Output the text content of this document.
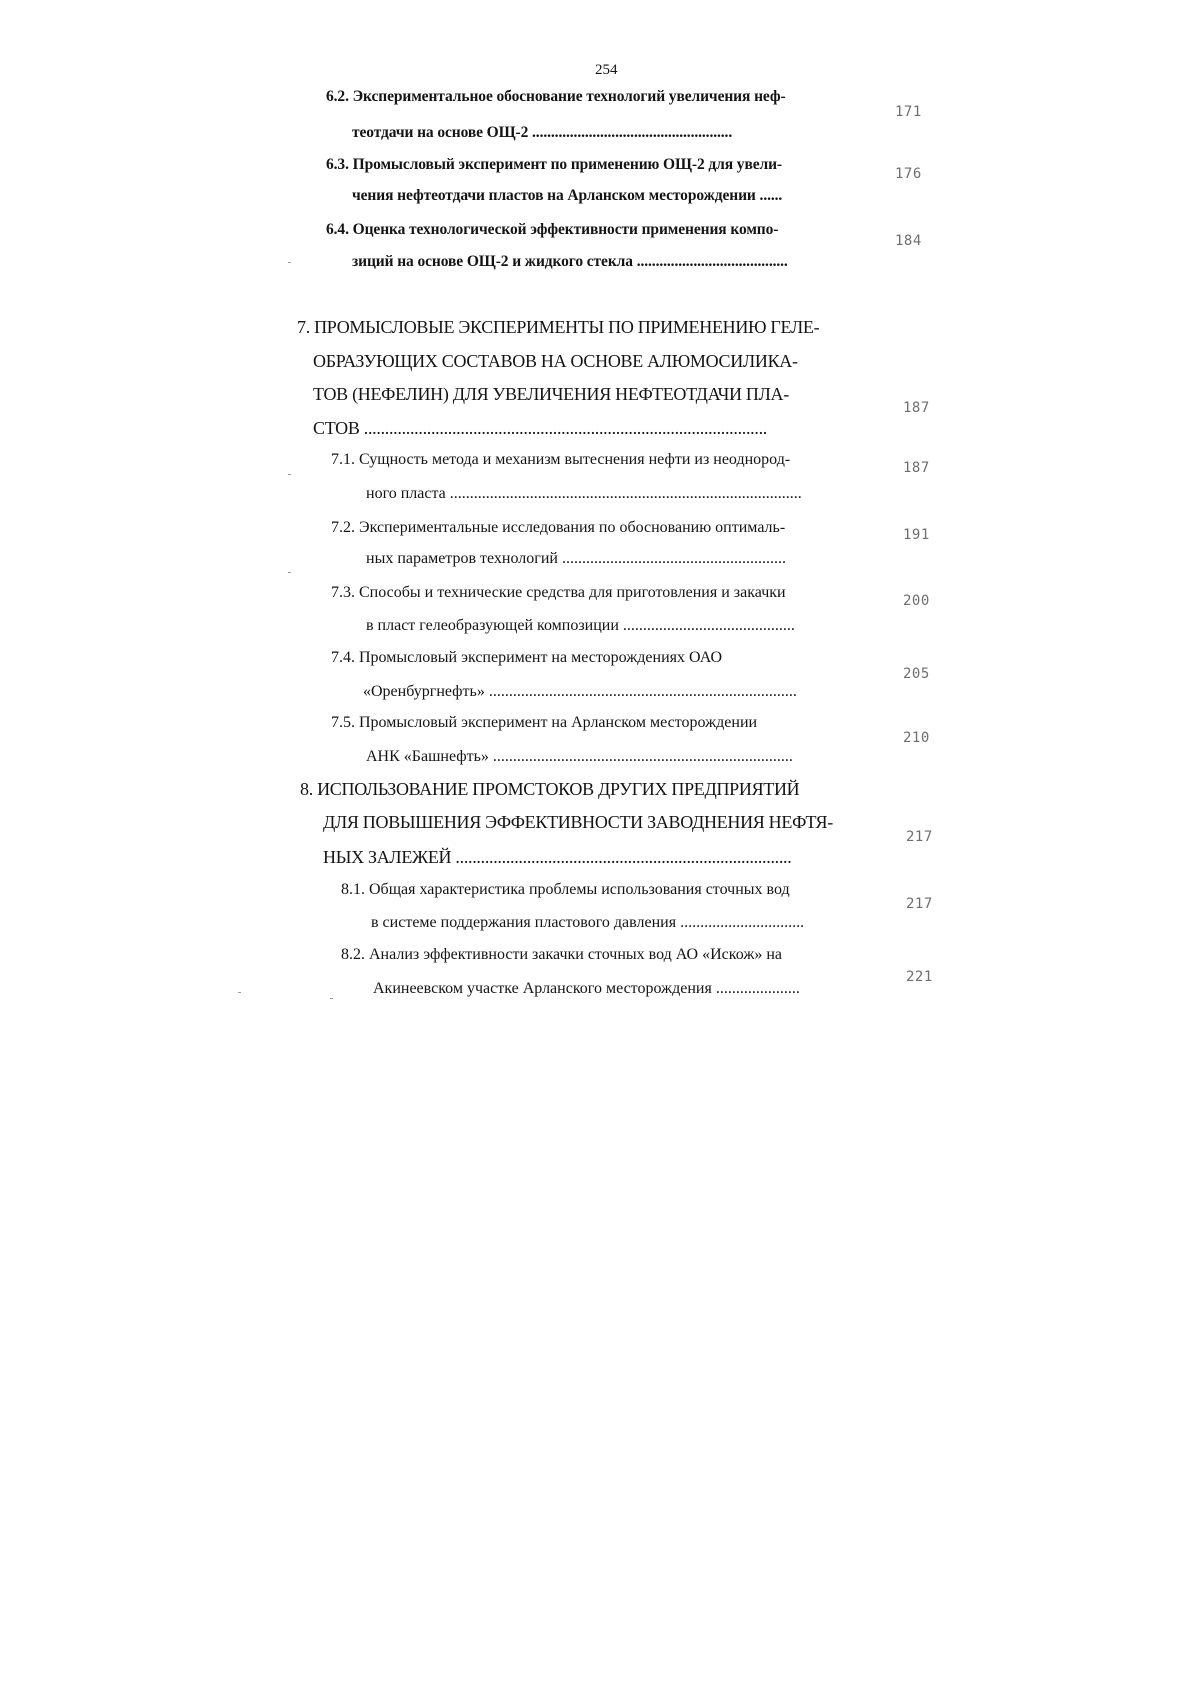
254

6.2. Экспериментальное обоснование технологий увеличения неф-
теотдачи на основе ОЩ-2 .....................................................
171
6.3. Промысловый эксперимент по применению ОЩ-2 для увели-
чения нефтеотдачи пластов на Арланском месторождении ......
176
6.4. Оценка технологической эффективности применения компо-
зиций на основе ОЩ-2 и жидкого стекла ........................................
184
7. ПРОМЫСЛОВЫЕ ЭКСПЕРИМЕНТЫ ПО ПРИМЕНЕНИЮ ГЕЛЕ-
ОБРАЗУЮЩИХ СОСТАВОВ НА ОСНОВЕ АЛЮМОСИЛИКА-
ТОВ (НЕФЕЛИН) ДЛЯ УВЕЛИЧЕНИЯ НЕФТЕОТДАЧИ ПЛА-
СТОВ ................................................................................................
187
7.1. Сущность метода и механизм вытеснения нефти из неоднород-
ного пласта ........................................................................................
187
7.2. Экспериментальные исследования по обоснованию оптималь-
ных параметров технологий ........................................................
191
7.3. Способы и технические средства для приготовления и закачки
в пласт гелеобразующей композиции ...........................................
200
7.4. Промысловый эксперимент на месторождениях ОАО
«Оренбургнефть» .............................................................................
205
7.5. Промысловый эксперимент на Арланском месторождении
АНК «Башнефть» ...........................................................................
210
8. ИСПОЛЬЗОВАНИЕ ПРОМСТОКОВ ДРУГИХ ПРЕДПРИЯТИЙ
ДЛЯ ПОВЫШЕНИЯ ЭФФЕКТИВНОСТИ ЗАВОДНЕНИЯ НЕФТЯ-
НЫХ ЗАЛЕЖЕЙ ................................................................................
217
8.1. Общая характеристика проблемы использования сточных вод
в системе поддержания пластового давления ...............................
217
8.2. Анализ эффективности закачки сточных вод АО «Искож» на
Акинеевском участке Арланского месторождения .....................
221
